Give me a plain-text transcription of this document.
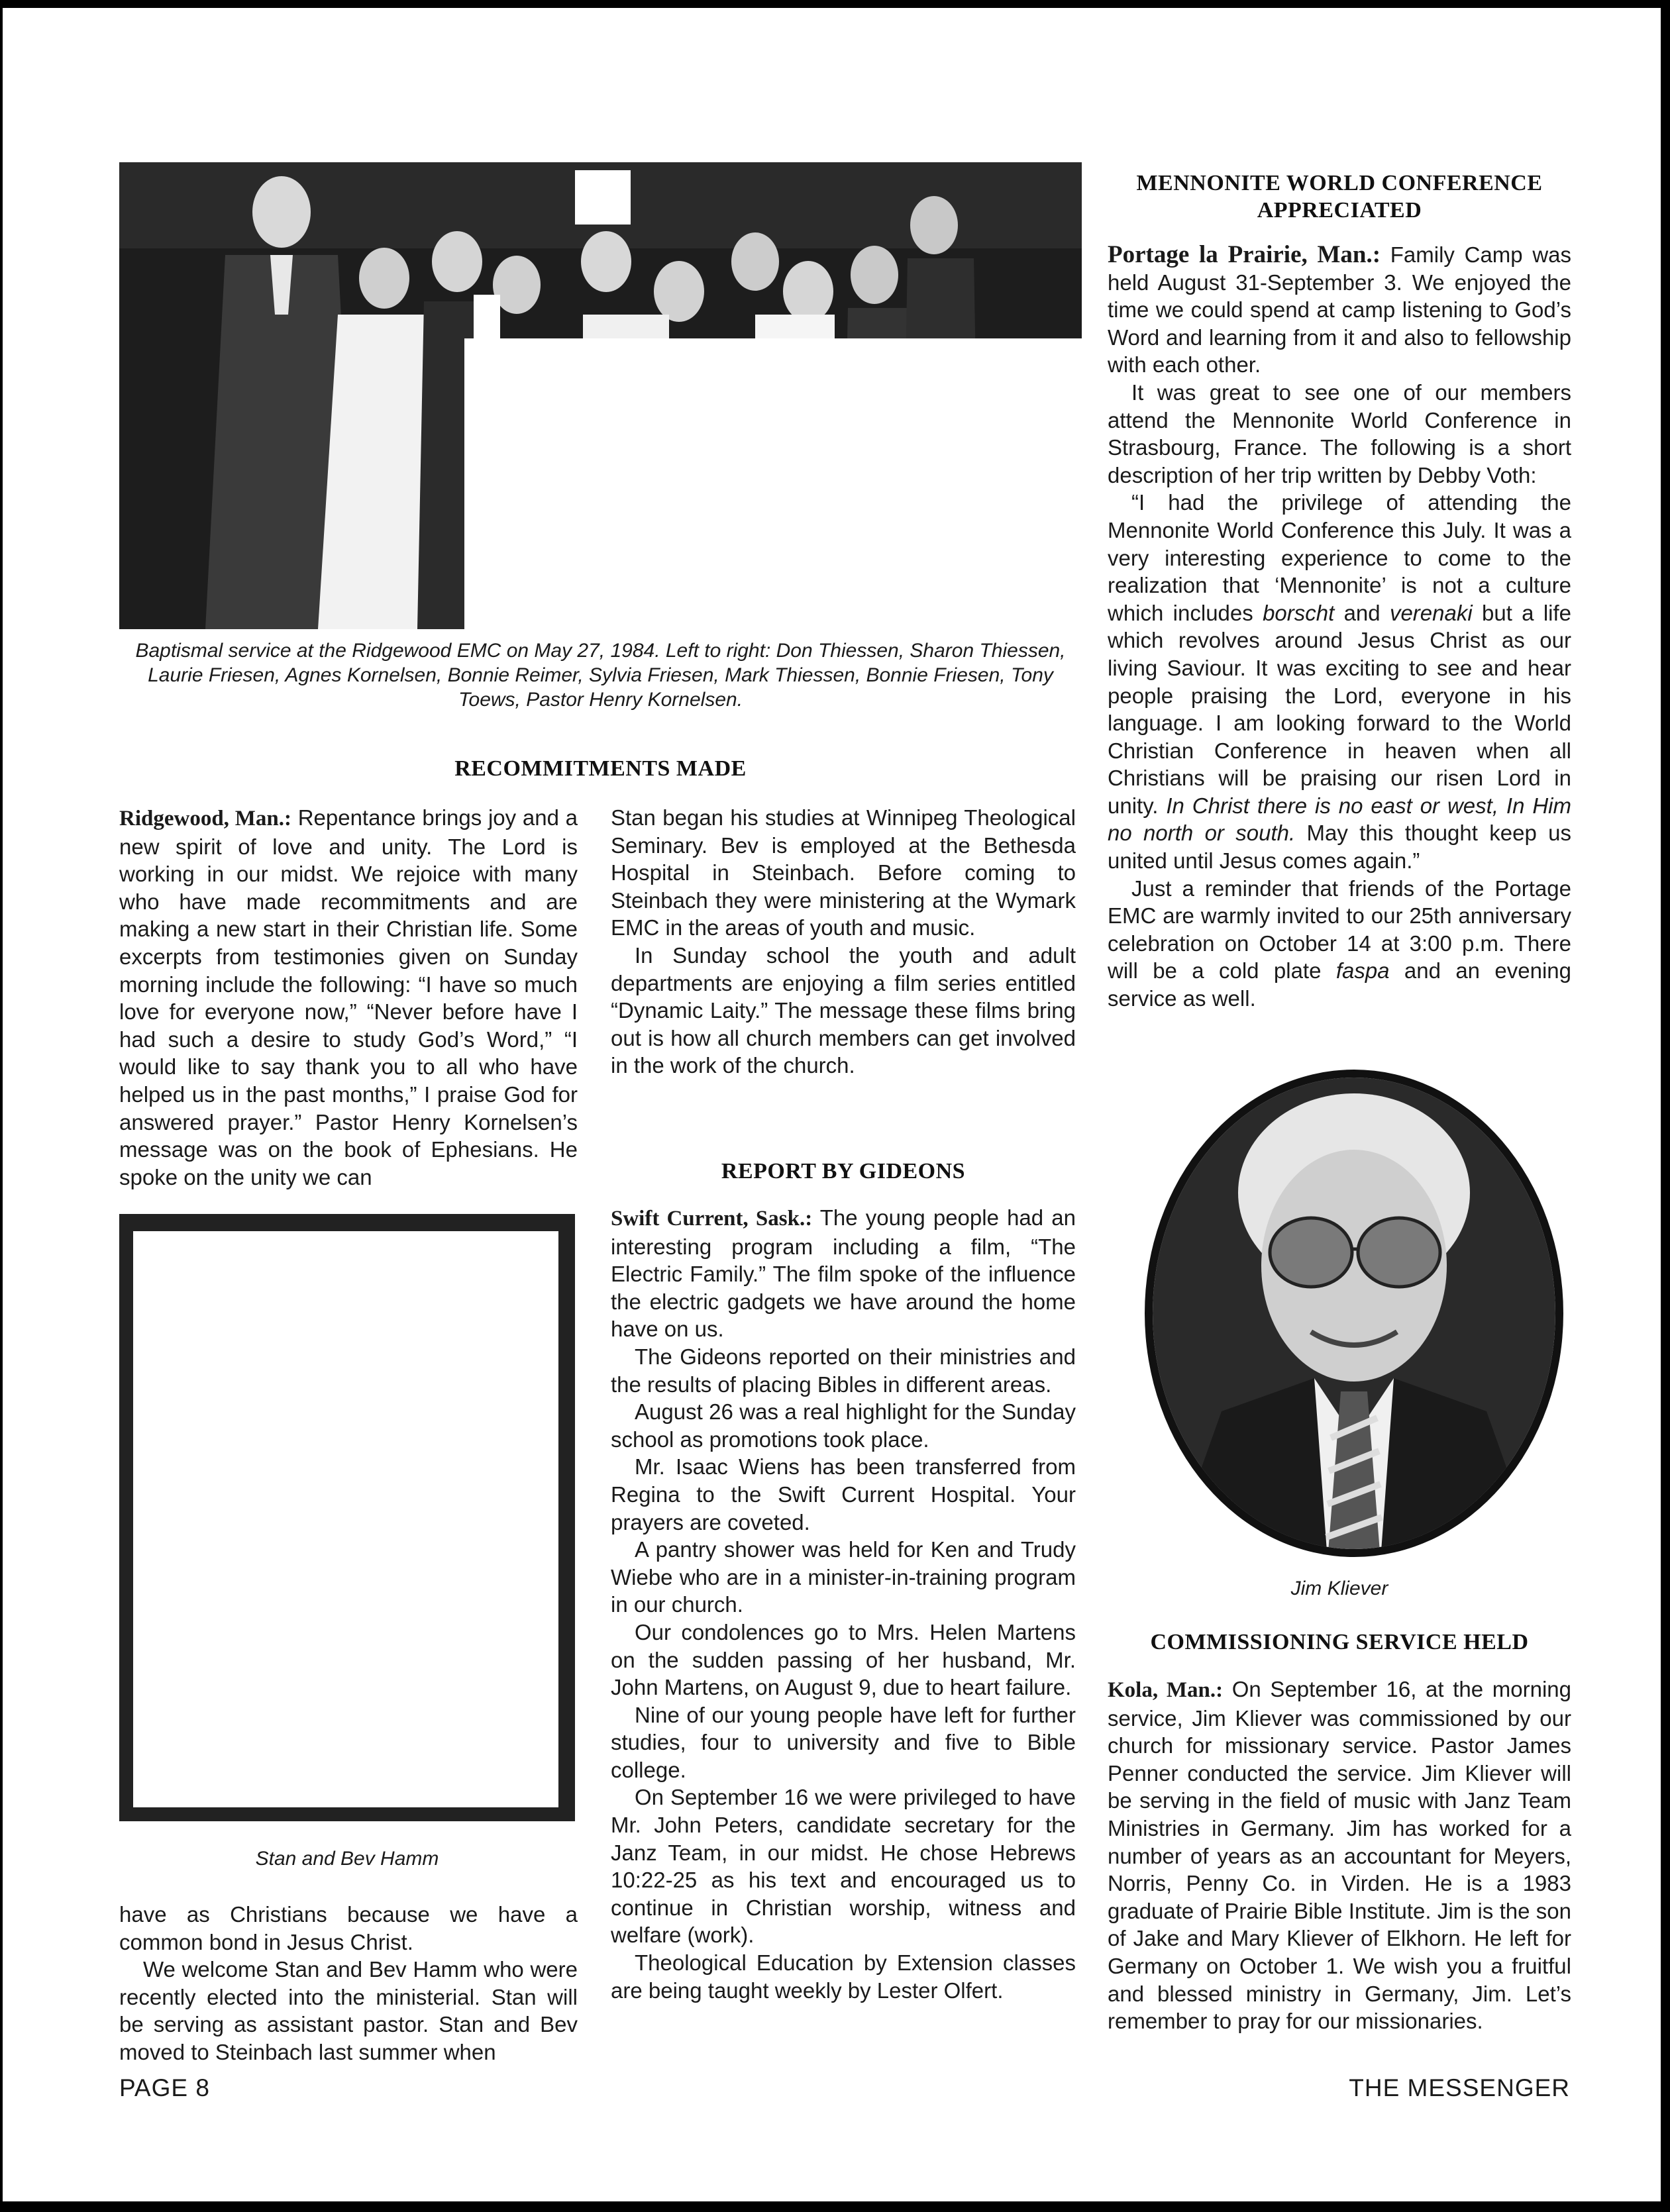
Baptismal service at the Ridgewood EMC on May 27, 1984. Left to right: Don Thiessen, Sharon Thiessen, Laurie Friesen, Agnes Kornelsen, Bonnie Reimer, Sylvia Friesen, Mark Thiessen, Bonnie Friesen, Tony Toews, Pastor Henry Kornelsen.
RECOMMITMENTS MADE

Ridgewood, Man.: Repentance brings joy and a new spirit of love and unity. The Lord is working in our midst. We rejoice with many who have made recommitments and are making a new start in their Christian life. Some excerpts from testimonies given on Sunday morning include the following: “I have so much love for everyone now,” “Never before have I had such a desire to study God’s Word,” “I would like to say thank you to all who have helped us in the past months,” I praise God for answered prayer.” Pastor Henry Kornelsen’s message was on the book of Ephesians. He spoke on the unity we can

Stan and Bev Hamm

have as Christians because we have a common bond in Jesus Christ.

We welcome Stan and Bev Hamm who were recently elected into the ministerial. Stan will be serving as assistant pastor. Stan and Bev moved to Steinbach last summer when

Stan began his studies at Winnipeg Theological Seminary. Bev is employed at the Bethesda Hospital in Steinbach. Before coming to Steinbach they were ministering at the Wymark EMC in the areas of youth and music.

In Sunday school the youth and adult departments are enjoying a film series entitled “Dynamic Laity.” The message these films bring out is how all church members can get involved in the work of the church.

REPORT BY GIDEONS

Swift Current, Sask.: The young people had an interesting program including a film, “The Electric Family.” The film spoke of the influence the electric gadgets we have around the home have on us.

The Gideons reported on their ministries and the results of placing Bibles in different areas.

August 26 was a real highlight for the Sunday school as promotions took place.

Mr. Isaac Wiens has been transferred from Regina to the Swift Current Hospital. Your prayers are coveted.

A pantry shower was held for Ken and Trudy Wiebe who are in a minister-in-training program in our church.

Our condolences go to Mrs. Helen Martens on the sudden passing of her husband, Mr. John Martens, on August 9, due to heart failure.

Nine of our young people have left for further studies, four to university and five to Bible college.

On September 16 we were privileged to have Mr. John Peters, candidate secretary for the Janz Team, in our midst. He chose Hebrews 10:22-25 as his text and encouraged us to continue in Christian worship, witness and welfare (work).

Theological Education by Extension classes are being taught weekly by Lester Olfert.

MENNONITE WORLD CONFERENCE
APPRECIATED

Portage la Prairie, Man.: Family Camp was held August 31-September 3. We enjoyed the time we could spend at camp listening to God’s Word and learning from it and also to fellowship with each other.

It was great to see one of our members attend the Mennonite World Conference in Strasbourg, France. The following is a short description of her trip written by Debby Voth:

“I had the privilege of attending the Mennonite World Conference this July. It was a very interesting experience to come to the realization that ‘Mennonite’ is not a culture which includes borscht and verenaki but a life which revolves around Jesus Christ as our living Saviour. It was exciting to see and hear people praising the Lord, everyone in his language. I am looking forward to the World Christian Conference in heaven when all Christians will be praising our risen Lord in unity. In Christ there is no east or west, In Him no north or south. May this thought keep us united until Jesus comes again.”

Just a reminder that friends of the Portage EMC are warmly invited to our 25th anniversary celebration on October 14 at 3:00 p.m. There will be a cold plate faspa and an evening service as well.

Jim Kliever
COMMISSIONING SERVICE HELD

Kola, Man.: On September 16, at the morning service, Jim Kliever was commissioned by our church for missionary service. Pastor James Penner conducted the service. Jim Kliever will be serving in the field of music with Janz Team Ministries in Germany. Jim has worked for a number of years as an accountant for Meyers, Norris, Penny Co. in Virden. He is a 1983 graduate of Prairie Bible Institute. Jim is the son of Jake and Mary Kliever of Elkhorn. He left for Germany on October 1. We wish you a fruitful and blessed ministry in Germany, Jim. Let’s remember to pray for our missionaries.

PAGE 8	THE MESSENGER
